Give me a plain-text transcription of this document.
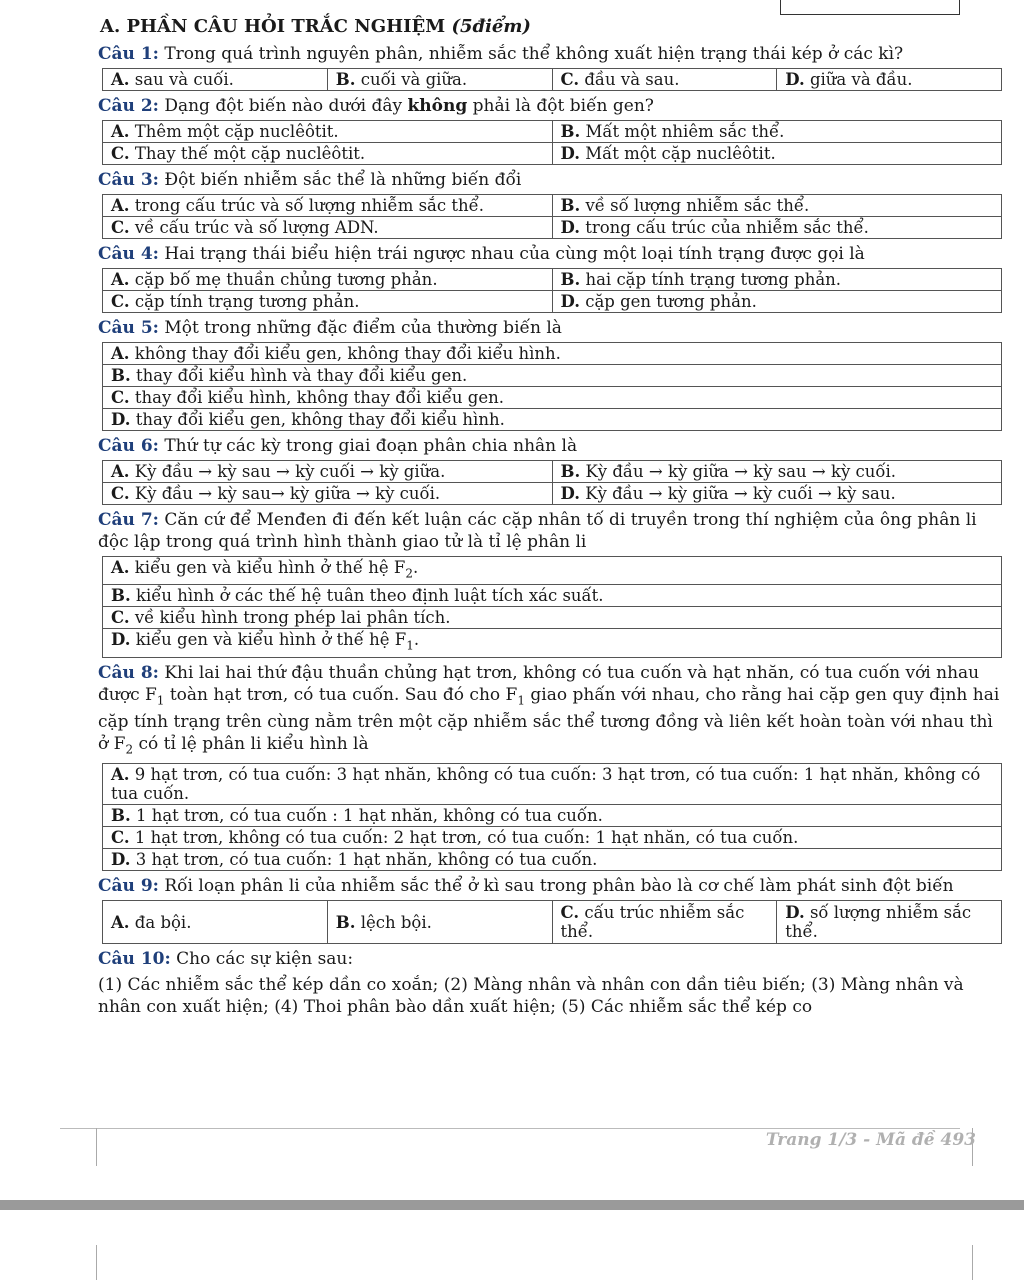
A. PHẦN CÂU HỎI TRẮC NGHIỆM (5điểm)
Câu 1: Trong quá trình nguyên phân, nhiễm sắc thể không xuất hiện trạng thái kép ở các kì?
A. sau và cuối.	B. cuối và giữa.	C. đầu và sau.	D. giữa và đầu.
Câu 2: Dạng đột biến nào dưới đây không phải là đột biến gen?
A. Thêm một cặp nuclêôtit.	B. Mất một nhiêm sắc thể.
C. Thay thế một cặp nuclêôtit.	D. Mất một cặp nuclêôtit.
Câu 3: Đột biến nhiễm sắc thể là những biến đổi
A. trong cấu trúc và số lượng nhiễm sắc thể.	B. về số lượng nhiễm sắc thể.
C. về cấu trúc và số lượng ADN.	D. trong cấu trúc của nhiễm sắc thể.
Câu 4: Hai trạng thái biểu hiện trái ngược nhau của cùng một loại tính trạng được gọi là
A. cặp bố mẹ thuần chủng tương phản.	B. hai cặp tính trạng tương phản.
C. cặp tính trạng tương phản.	D. cặp gen tương phản.
Câu 5: Một trong những đặc điểm của thường biến là
A. không thay đổi kiểu gen, không thay đổi kiểu hình.
B. thay đổi kiểu hình và thay đổi kiểu gen.
C. thay đổi kiểu hình, không thay đổi kiểu gen.
D. thay đổi kiểu gen, không thay đổi kiểu hình.
Câu 6: Thứ tự các kỳ trong giai đoạn phân chia nhân là
A. Kỳ đầu → kỳ sau → kỳ cuối → kỳ giữa.	B. Kỳ đầu → kỳ giữa → kỳ sau → kỳ cuối.
C. Kỳ đầu → kỳ sau→ kỳ giữa → kỳ cuối.	D. Kỳ đầu → kỳ giữa → kỳ cuối → kỳ sau.
Câu 7: Căn cứ để Menđen đi đến kết luận các cặp nhân tố di truyền trong thí nghiệm của ông phân li độc lập trong quá trình hình thành giao tử là tỉ lệ phân li
A. kiểu gen và kiểu hình ở thế hệ $F_2$.
B. kiểu hình ở các thế hệ tuân theo định luật tích xác suất.
C. về kiểu hình trong phép lai phân tích.
D. kiểu gen và kiểu hình ở thế hệ $F_1$.
Câu 8: Khi lai hai thứ đậu thuần chủng hạt trơn, không có tua cuốn và hạt nhăn, có tua cuốn với nhau được $F_1$ toàn hạt trơn, có tua cuốn. Sau đó cho $F_1$ giao phấn với nhau, cho rằng hai cặp gen quy định hai cặp tính trạng trên cùng nằm trên một cặp nhiễm sắc thể tương đồng và liên kết hoàn toàn với nhau thì ở $F_2$ có tỉ lệ phân li kiểu hình là
A. 9 hạt trơn, có tua cuốn: 3 hạt nhăn, không có tua cuốn: 3 hạt trơn, có tua cuốn: 1 hạt nhăn, không có tua cuốn.
B. 1 hạt trơn, có tua cuốn : 1 hạt nhăn, không có tua cuốn.
C. 1 hạt trơn, không có tua cuốn: 2 hạt trơn, có tua cuốn: 1 hạt nhăn, có tua cuốn.
D. 3 hạt trơn, có tua cuốn: 1 hạt nhăn, không có tua cuốn.
Câu 9: Rối loạn phân li của nhiễm sắc thể ở kì sau trong phân bào là cơ chế làm phát sinh đột biến
A. đa bội.	B. lệch bội.	C. cấu trúc nhiễm sắc thể.	D. số lượng nhiễm sắc thể.
Câu 10: Cho các sự kiện sau:
(1) Các nhiễm sắc thể kép dần co xoắn; (2) Màng nhân và nhân con dần tiêu biến; (3) Màng nhân và nhân con xuất hiện; (4) Thoi phân bào dần xuất hiện; (5) Các nhiễm sắc thể kép co
Trang 1/3 - Mã đề 493
